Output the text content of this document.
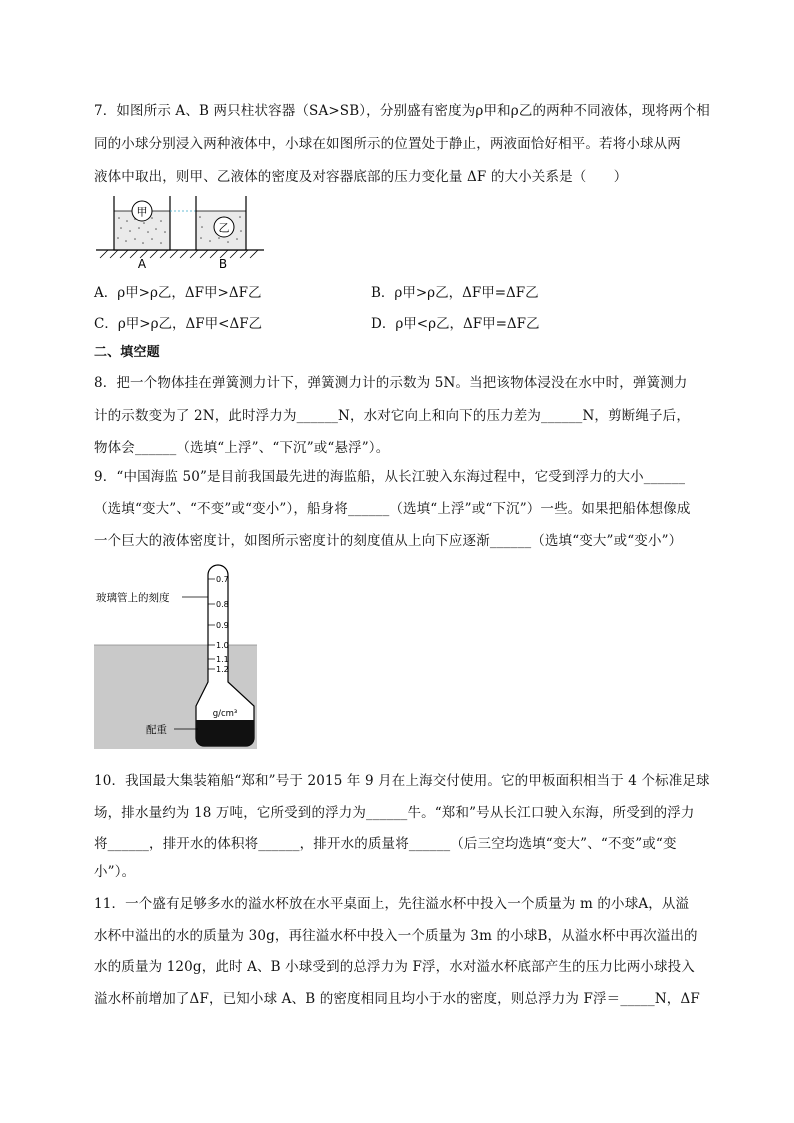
7．如图所示 A、B 两只柱状容器（SA>SB），分别盛有密度为ρ甲和ρ乙的两种不同液体，现将两个相
同的小球分别浸入两种液体中，小球在如图所示的位置处于静止，两液面恰好相平。若将小球从两
液体中取出，则甲、乙液体的密度及对容器底部的压力变化量 ΔF 的大小关系是（　　）
甲
乙
A	B
A．ρ甲>ρ乙，ΔF甲>ΔF乙	B．ρ甲>ρ乙，ΔF甲=ΔF乙
C．ρ甲>ρ乙，ΔF甲<ΔF乙	D．ρ甲<ρ乙，ΔF甲=ΔF乙
二、填空题
8．把一个物体挂在弹簧测力计下，弹簧测力计的示数为 5N。当把该物体浸没在水中时，弹簧测力
计的示数变为了 2N，此时浮力为______N，水对它向上和向下的压力差为______N，剪断绳子后，
物体会______（选填“上浮”、“下沉”或“悬浮”）。
9．“中国海监 50”是目前我国最先进的海监船，从长江驶入东海过程中，它受到浮力的大小______
（选填“变大”、“不变”或“变小”），船身将______（选填“上浮”或“下沉”）一些。如果把船体想像成
一个巨大的液体密度计，如图所示密度计的刻度值从上向下应逐渐______（选填“变大”或“变小”）
g/cm³
0.7
0.8
0.9
1.0
1.1
1.2
玻璃管上的刻度
配重
10．我国最大集装箱船“郑和”号于 2015 年 9 月在上海交付使用。它的甲板面积相当于 4 个标准足球
场，排水量约为 18 万吨，它所受到的浮力为______牛。“郑和”号从长江口驶入东海，所受到的浮力
将______，排开水的体积将______，排开水的质量将______（后三空均选填“变大”、“不变”或“变
小”）。
11．一个盛有足够多水的溢水杯放在水平桌面上，先往溢水杯中投入一个质量为 m 的小球A，从溢
水杯中溢出的水的质量为 30g，再往溢水杯中投入一个质量为 3m 的小球B，从溢水杯中再次溢出的
水的质量为 120g，此时 A、B 小球受到的总浮力为 F浮，水对溢水杯底部产生的压力比两小球投入
溢水杯前增加了ΔF，已知小球 A、B 的密度相同且均小于水的密度，则总浮力为 F浮＝_____N，ΔF
